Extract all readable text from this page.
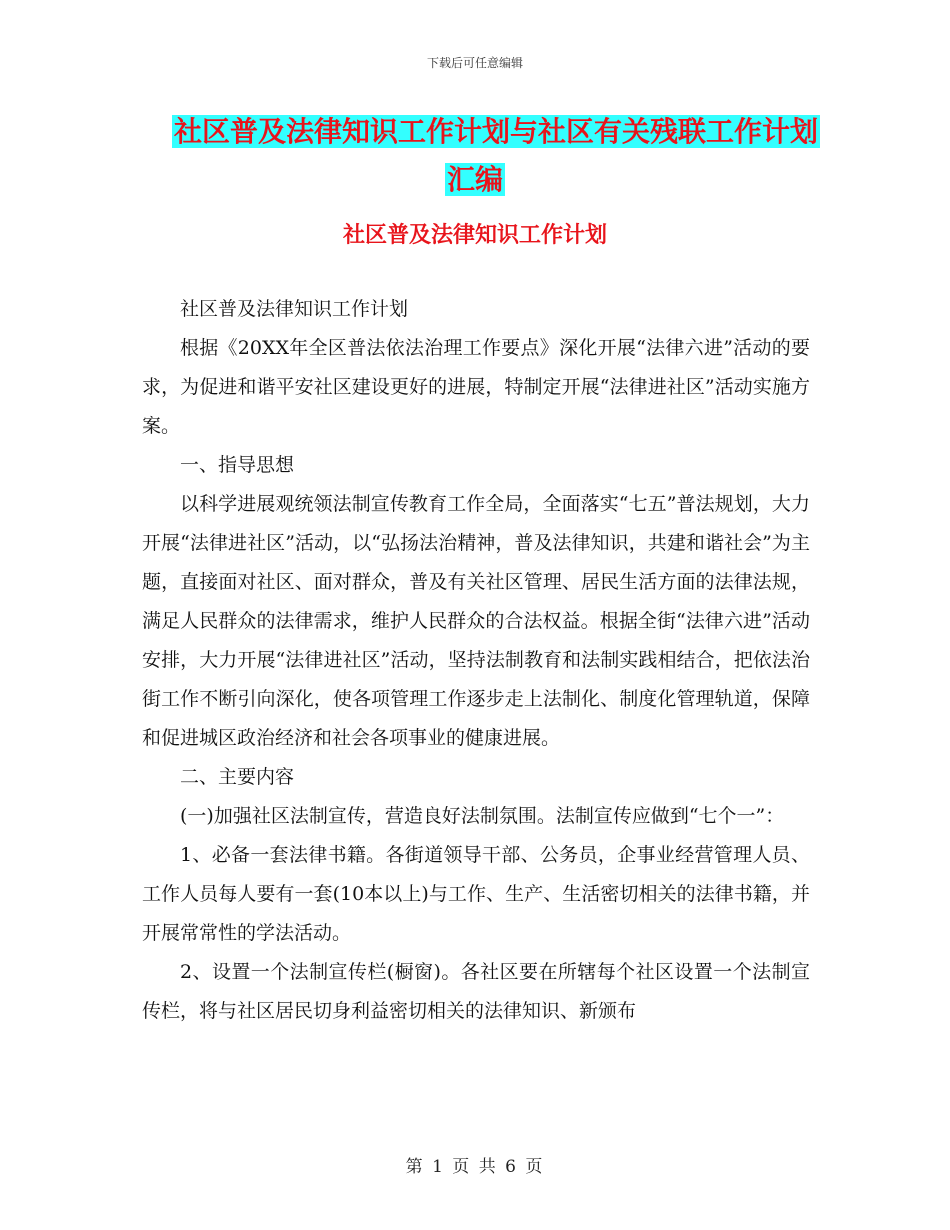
下载后可任意编辑
社区普及法律知识工作计划与社区有关残联工作计划
汇编
社区普及法律知识工作计划

社区普及法律知识工作计划

根据《20XX年全区普法依法治理工作要点》深化开展“法律六进”活动的要求，为促进和谐平安社区建设更好的进展，特制定开展“法律进社区”活动实施方案。

一、指导思想

以科学进展观统领法制宣传教育工作全局，全面落实“七五”普法规划，大力开展“法律进社区”活动，以“弘扬法治精神，普及法律知识，共建和谐社会”为主题，直接面对社区、面对群众，普及有关社区管理、居民生活方面的法律法规，满足人民群众的法律需求，维护人民群众的合法权益。根据全街“法律六进”活动安排，大力开展“法律进社区”活动，坚持法制教育和法制实践相结合，把依法治街工作不断引向深化，使各项管理工作逐步走上法制化、制度化管理轨道，保障和促进城区政治经济和社会各项事业的健康进展。

二、主要内容

(一)加强社区法制宣传，营造良好法制氛围。法制宣传应做到“七个一”：

1、必备一套法律书籍。各街道领导干部、公务员，企事业经营管理人员、工作人员每人要有一套(10本以上)与工作、生产、生活密切相关的法律书籍，并开展常常性的学法活动。

2、设置一个法制宣传栏(橱窗)。各社区要在所辖每个社区设置一个法制宣传栏，将与社区居民切身利益密切相关的法律知识、新颁布

第 1 页 共 6 页
